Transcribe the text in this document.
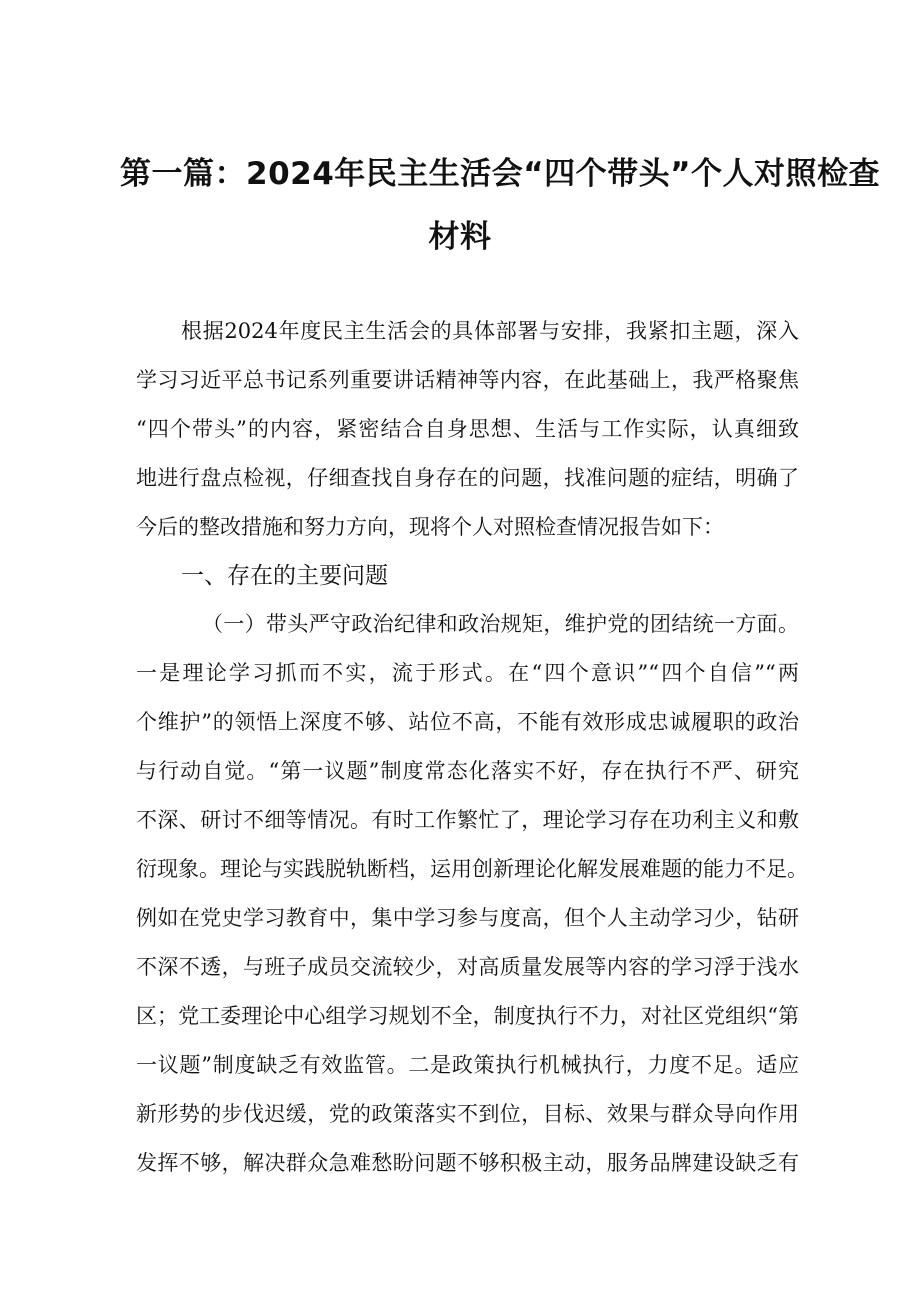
第一篇：2024年民主生活会“四个带头”个人对照检查
材料
根据2024年度民主生活会的具体部署与安排，我紧扣主题，深入
学习习近平总书记系列重要讲话精神等内容，在此基础上，我严格聚焦
“四个带头”的内容，紧密结合自身思想、生活与工作实际，认真细致
地进行盘点检视，仔细查找自身存在的问题，找准问题的症结，明确了
今后的整改措施和努力方向，现将个人对照检查情况报告如下：
一、存在的主要问题
（一）带头严守政治纪律和政治规矩，维护党的团结统一方面。
一是理论学习抓而不实，流于形式。在“四个意识”“四个自信”“两
个维护”的领悟上深度不够、站位不高，不能有效形成忠诚履职的政治
与行动自觉。“第一议题”制度常态化落实不好，存在执行不严、研究
不深、研讨不细等情况。有时工作繁忙了，理论学习存在功利主义和敷
衍现象。理论与实践脱轨断档，运用创新理论化解发展难题的能力不足。
例如在党史学习教育中，集中学习参与度高，但个人主动学习少，钻研
不深不透，与班子成员交流较少，对高质量发展等内容的学习浮于浅水
区；党工委理论中心组学习规划不全，制度执行不力，对社区党组织“第
一议题”制度缺乏有效监管。二是政策执行机械执行，力度不足。适应
新形势的步伐迟缓，党的政策落实不到位，目标、效果与群众导向作用
发挥不够，解决群众急难愁盼问题不够积极主动，服务品牌建设缺乏有
